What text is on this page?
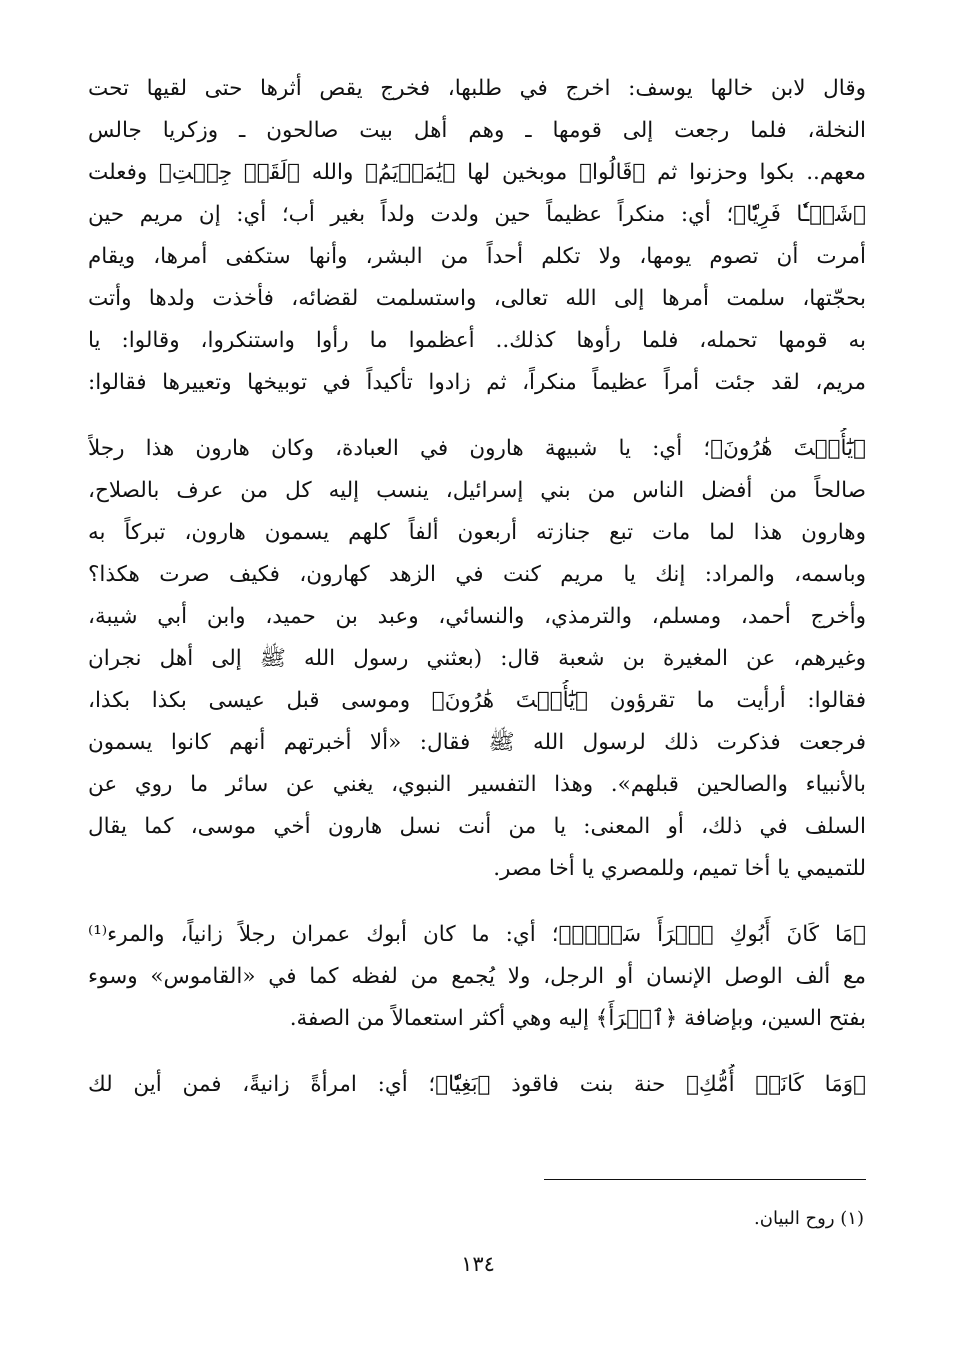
وقال لابن خالها يوسف: اخرج في طلبها، فخرج يقص أثرها حتى لقيها تحت
النخلة، فلما رجعت إلى قومها ـ وهم أهل بيت صالحون ـ وزكريا جالس
معهم.. بكوا وحزنوا ثم ﴿قَالُوا﴾ موبخين لها ﴿يَٰمَرۡيَمُ﴾ والله ﴿لَقَدۡ جِئۡتِ﴾ وفعلت
﴿شَيۡـٔٗا فَرِيّٗا﴾؛ أي: منكراً عظيماً حين ولدت ولداً بغير أب؛ أي: إن مريم حين
أمرت أن تصوم يومها، ولا تكلم أحداً من البشر، وأنها ستكفى أمرها، ويقام
بحجّتها، سلمت أمرها إلى الله تعالى، واستسلمت لقضائه، فأخذت ولدها وأتت
به قومها تحمله، فلما رأوها كذلك.. أعظموا ما رأوا واستنكروا، وقالوا: يا
مريم، لقد جئت أمراً عظيماً منكراً، ثم زادوا تأكيداً في توبيخها وتعييرها فقالوا:
﴿يَٰٓأُخۡتَ هَٰرُونَ﴾؛ أي: يا شبيهة هارون في العبادة، وكان هارون هذا رجلاً
صالحاً من أفضل الناس من بني إسرائيل، ينسب إليه كل من عرف بالصلاح،
وهارون هذا لما مات تبع جنازته أربعون ألفاً كلهم يسمون هارون، تبركاً به
وباسمه، والمراد: إنك يا مريم كنت في الزهد كهارون، فكيف صرت هكذا؟
وأخرج أحمد، ومسلم، والترمذي، والنسائي، وعبد بن حميد، وابن أبي شيبة،
وغيرهم، عن المغيرة بن شعبة قال: (بعثني رسول الله ﷺ إلى أهل نجران
فقالوا: أرأيت ما تقرؤون ﴿يَٰٓأُخۡتَ هَٰرُونَ﴾ وموسى قبل عيسى بكذا بكذا،
فرجعت فذكرت ذلك لرسول الله ﷺ فقال: «ألا أخبرتهم أنهم كانوا يسمون
بالأنبياء والصالحين قبلهم». وهذا التفسير النبوي، يغني عن سائر ما روي عن
السلف في ذلك، أو المعنى: يا من أنت نسل هارون أخي موسى، كما يقال
للتميمي يا أخا تميم، وللمصري يا أخا مصر.
﴿مَا كَانَ أَبُوكِ ٱمۡرَأَ سَوۡءٖ﴾؛ أي: ما كان أبوك عمران رجلاً زانياً، والمرء⁽¹⁾
مع ألف الوصل الإنسان أو الرجل، ولا يُجمع من لفظه كما في «القاموس» وسوء
بفتح السين، وبإضافة ﴿ٱمۡرَأَ﴾ إليه وهي أكثر استعمالاً من الصفة.
﴿وَمَا كَانَتۡ أُمُّكِ﴾ حنة بنت فاقوذ ﴿بَغِيّٗا﴾؛ أي: امرأةً زانيةً، فمن أين لك
(١) روح البيان.
١٣٤
